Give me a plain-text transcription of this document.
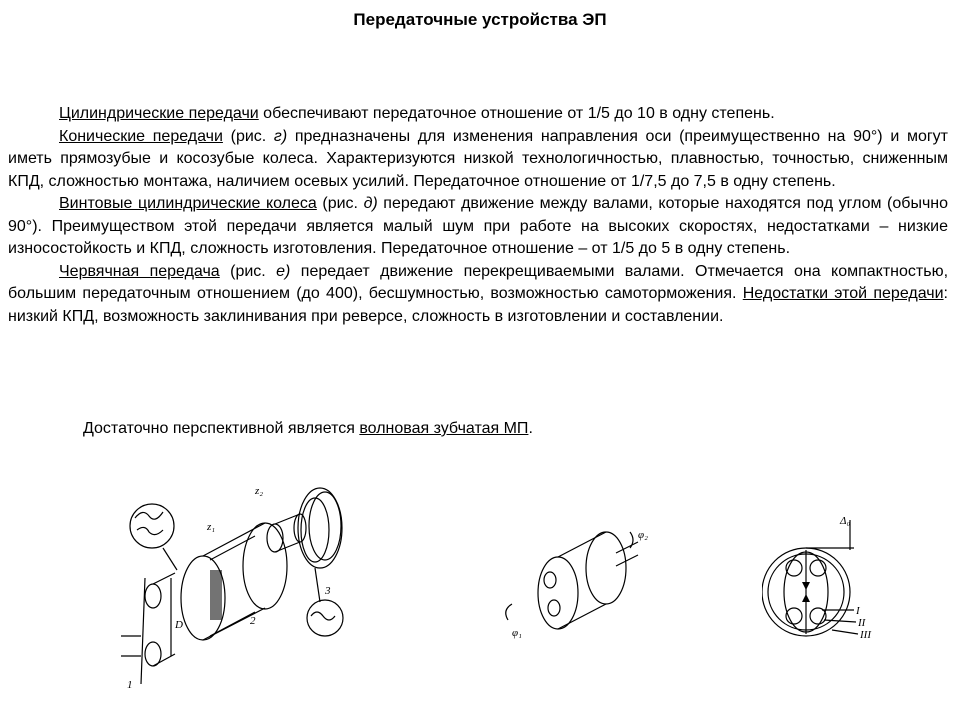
Передаточные устройства ЭП

Цилиндрические передачи обеспечивают передаточное отношение от 1/5 до 10 в одну степень.

Конические передачи (рис. г) предназначены для изменения направления оси (преимущественно на 90°) и могут иметь прямозубые и косозубые колеса. Характеризуются низкой технологичностью, плавностью, точностью, сниженным КПД, сложностью монтажа, наличием осевых усилий. Передаточное отношение от 1/7,5 до 7,5 в одну степень.

Винтовые цилиндрические колеса (рис. д) передают движение между валами, которые находятся под углом (обычно 90°). Преимуществом этой передачи является малый шум при работе на высоких скоростях, недостатками – низкие износостойкость и КПД, сложность изготовления. Передаточное отношение – от 1/5 до 5 в одну степень.

Червячная передача (рис. е) передает движение перекрещиваемыми валами. Отмечается она компактностью, большим передаточным отношением (до 400), бесшумностью, возможностью самоторможения. Недостатки этой передачи: низкий КПД, возможность заклинивания при реверсе, сложность в изготовлении и составлении.

Достаточно перспективной является волновая зубчатая МП.
z₂
z₁
D	2
3
1
φ₂
φ₁
Δ₀
I
II
III
